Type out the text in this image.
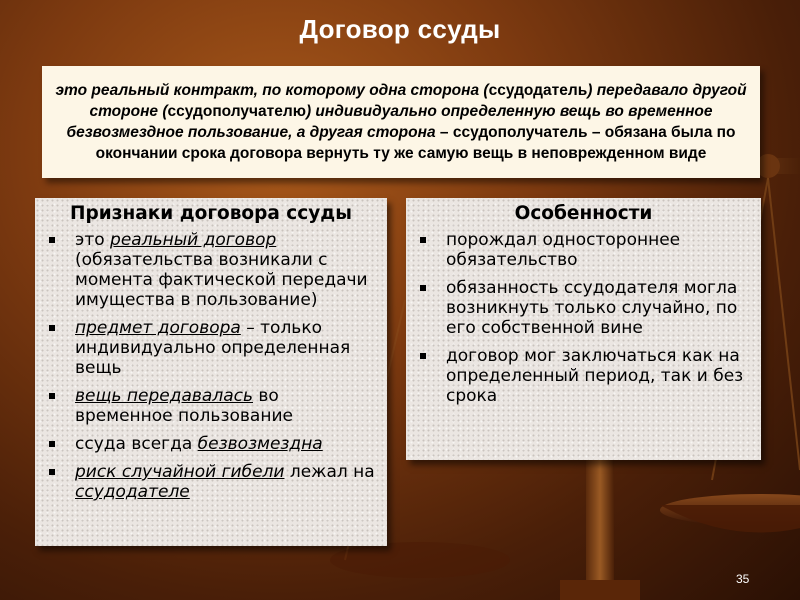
Договор ссуды
это реальный контракт, по которому одна сторона (ссудодатель) передавало другой стороне (ссудополучателю) индивидуально определенную вещь во временное безвозмездное пользование, а другая сторона – ссудополучатель – обязана была по окончании срока договора вернуть ту же самую вещь в неповрежденном виде
Признаки договора ссуды
это реальный договор (обязательства возникали с момента фактической передачи имущества в пользование)
предмет договора – только индивидуально определенная вещь
вещь передавалась во временное пользование
ссуда всегда безвозмездна
риск случайной гибели лежал на ссудодателе
Особенности
порождал одностороннее обязательство
обязанность ссудодателя могла возникнуть только случайно, по его собственной вине
договор мог заключаться как на определенный период, так и без срока
35
